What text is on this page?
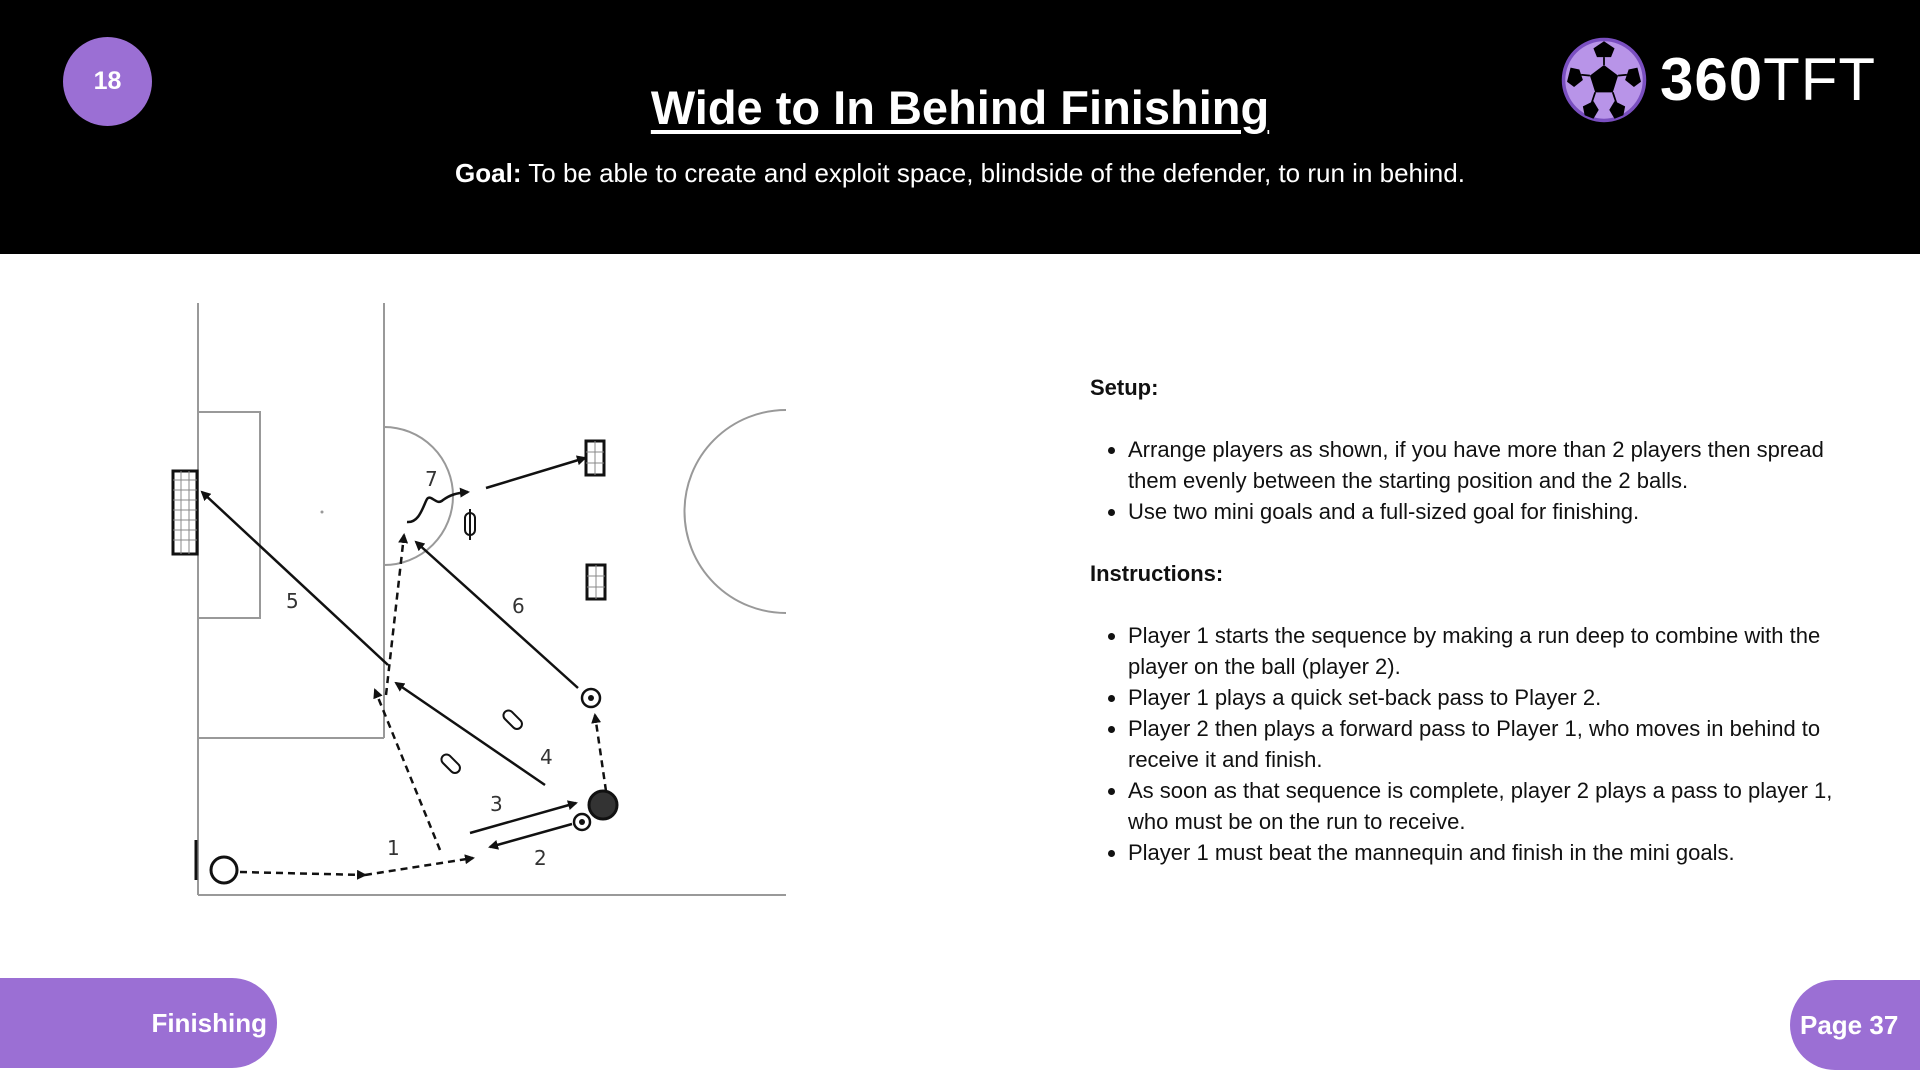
18	Wide to In Behind Finishing
Goal: To be able to create and exploit space, blindside of the defender, to run in behind.
360TFT
1	2
3
4
5	6
7
Setup:
• Arrange players as shown, if you have more than 2 players then spread them evenly between the starting position and the 2 balls.
• Use two mini goals and a full-sized goal for finishing.
Instructions:
• Player 1 starts the sequence by making a run deep to combine with the player on the ball (player 2).
• Player 1 plays a quick set-back pass to Player 2.
• Player 2 then plays a forward pass to Player 1, who moves in behind to receive it and finish.
• As soon as that sequence is complete, player 2 plays a pass to player 1, who must be on the run to receive.
• Player 1 must beat the mannequin and finish in the mini goals.
Finishing	Page 37
